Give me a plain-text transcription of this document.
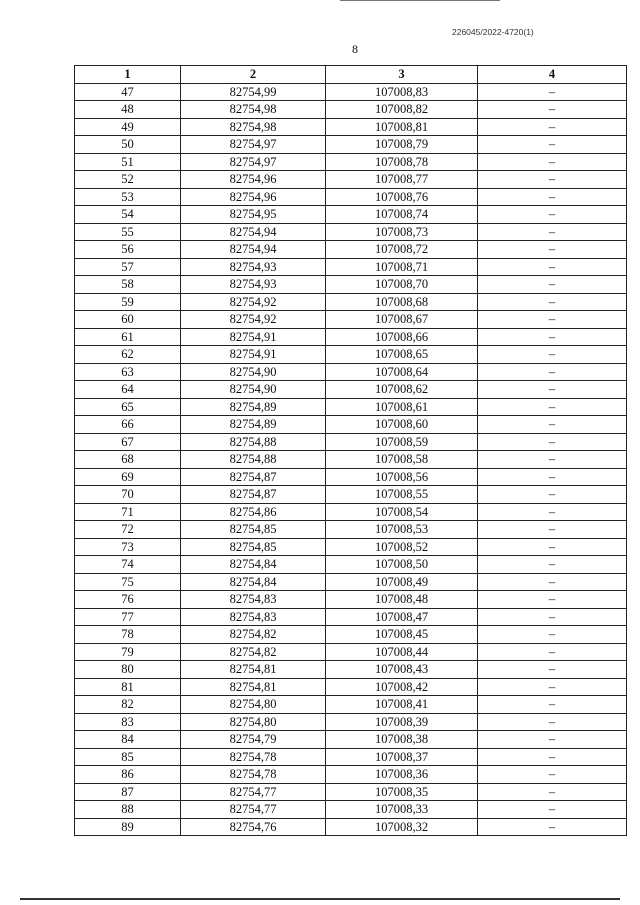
226045/2022-4720(1)
8
1	2	3	4
47	82754,99	107008,83	–
48	82754,98	107008,82	–
49	82754,98	107008,81	–
50	82754,97	107008,79	–
51	82754,97	107008,78	–
52	82754,96	107008,77	–
53	82754,96	107008,76	–
54	82754,95	107008,74	–
55	82754,94	107008,73	–
56	82754,94	107008,72	–
57	82754,93	107008,71	–
58	82754,93	107008,70	–
59	82754,92	107008,68	–
60	82754,92	107008,67	–
61	82754,91	107008,66	–
62	82754,91	107008,65	–
63	82754,90	107008,64	–
64	82754,90	107008,62	–
65	82754,89	107008,61	–
66	82754,89	107008,60	–
67	82754,88	107008,59	–
68	82754,88	107008,58	–
69	82754,87	107008,56	–
70	82754,87	107008,55	–
71	82754,86	107008,54	–
72	82754,85	107008,53	–
73	82754,85	107008,52	–
74	82754,84	107008,50	–
75	82754,84	107008,49	–
76	82754,83	107008,48	–
77	82754,83	107008,47	–
78	82754,82	107008,45	–
79	82754,82	107008,44	–
80	82754,81	107008,43	–
81	82754,81	107008,42	–
82	82754,80	107008,41	–
83	82754,80	107008,39	–
84	82754,79	107008,38	–
85	82754,78	107008,37	–
86	82754,78	107008,36	–
87	82754,77	107008,35	–
88	82754,77	107008,33	–
89	82754,76	107008,32	–
